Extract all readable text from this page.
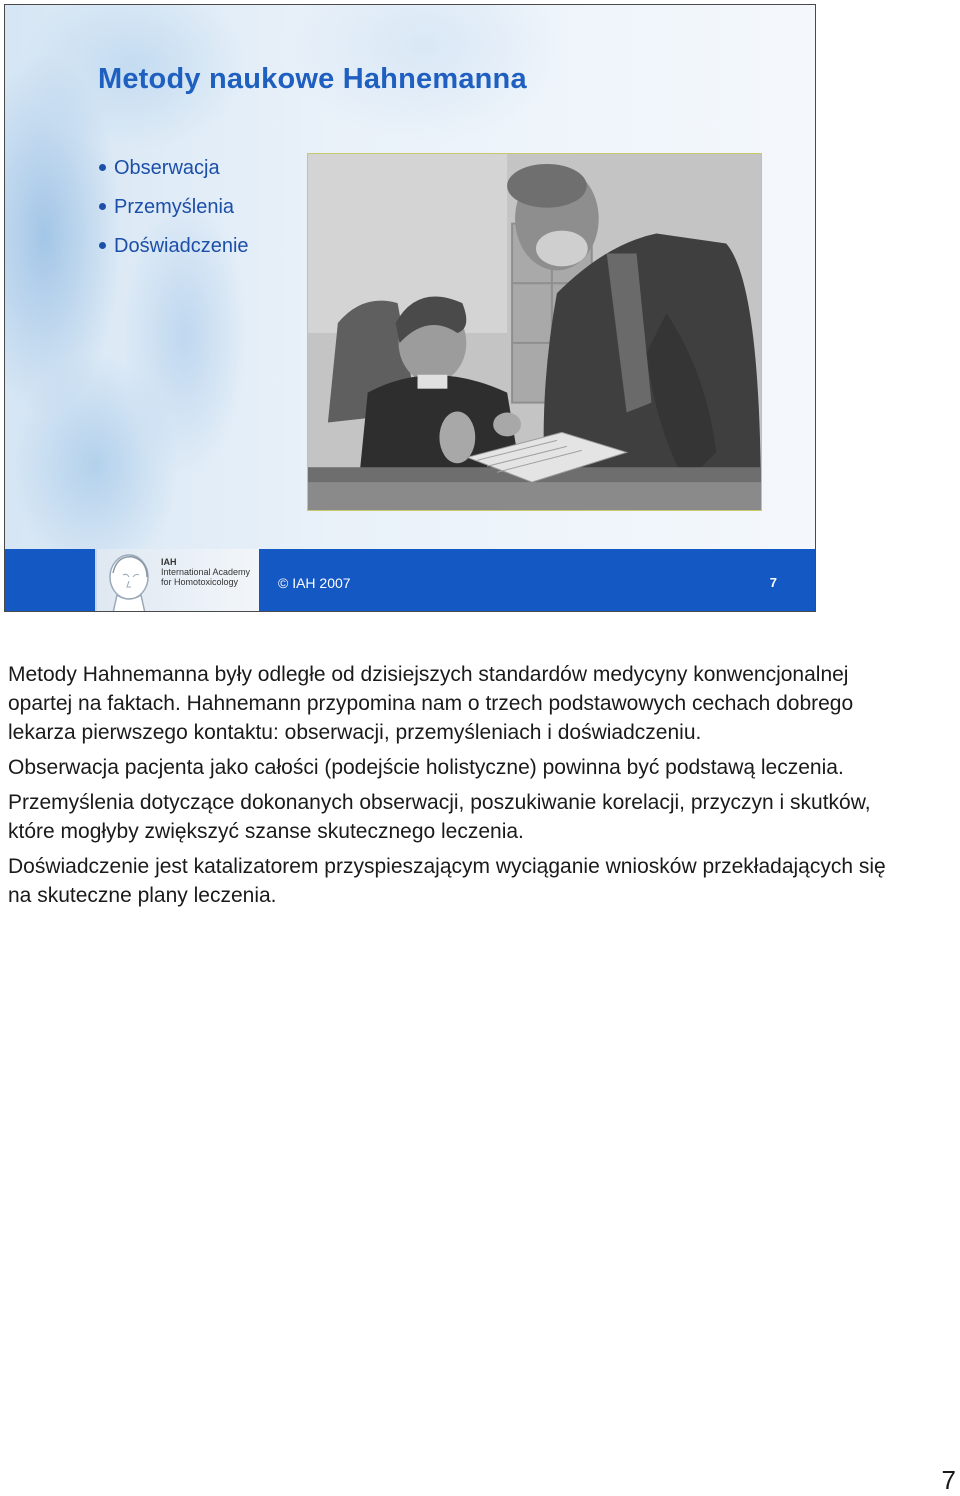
Metody naukowe Hahnemanna
Obserwacja
Przemyślenia
Doświadczenie
IAH
International Academy
for Homotoxicology	© IAH 2007	7

Metody Hahnemanna były odległe od dzisiejszych standardów medycyny konwencjonalnej opartej na faktach. Hahnemann przypomina nam o trzech podstawowych cechach dobrego lekarza pierwszego kontaktu: obserwacji, przemyśleniach i doświadczeniu.

Obserwacja pacjenta jako całości (podejście holistyczne) powinna być podstawą leczenia.

Przemyślenia dotyczące dokonanych obserwacji, poszukiwanie korelacji, przyczyn i skutków, które mogłyby zwiększyć szanse skutecznego leczenia.

Doświadczenie jest katalizatorem przyspieszającym wyciąganie wniosków przekładających się na skuteczne plany leczenia.

7
